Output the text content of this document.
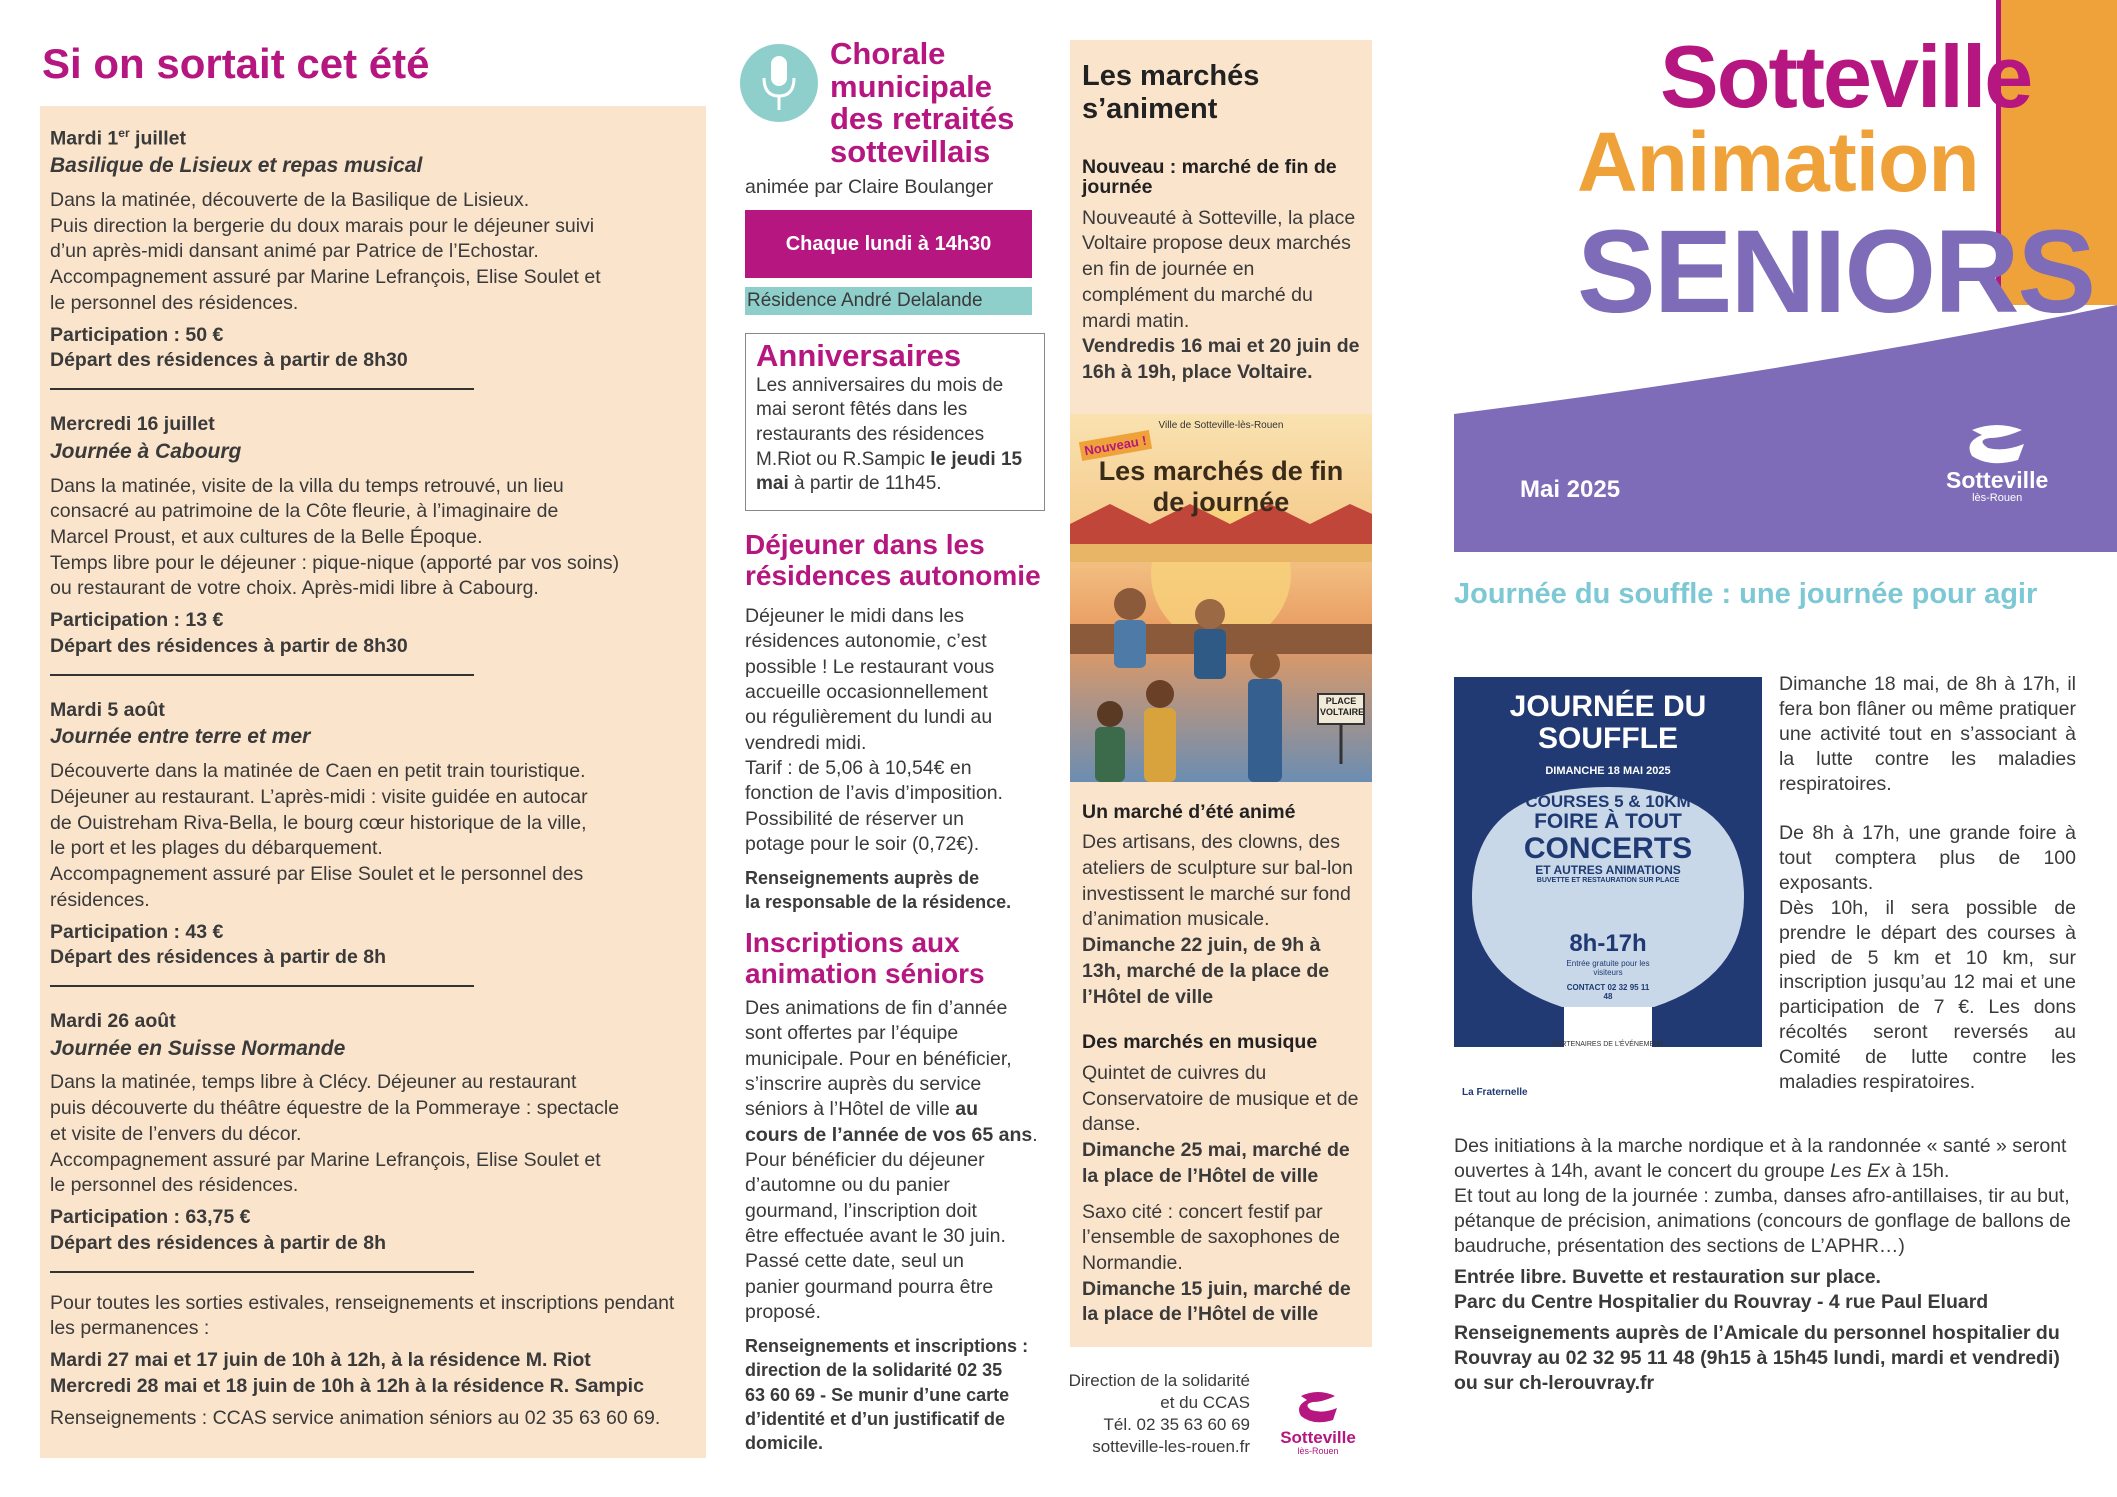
Si on sortait cet été
Mardi 1er juillet
Basilique de Lisieux et repas musical
Dans la matinée, découverte de la Basilique de Lisieux.
Puis direction la bergerie du doux marais pour le déjeuner suivi
d’un après-midi dansant animé par Patrice de l’Echostar.
Accompagnement assuré par Marine Lefrançois, Elise Soulet et
le personnel des résidences.
Participation : 50 €
Départ des résidences à partir de 8h30
Mercredi 16 juillet
Journée à Cabourg
Dans la matinée, visite de la villa du temps retrouvé, un lieu
consacré au patrimoine de la Côte fleurie, à l’imaginaire de
Marcel Proust, et aux cultures de la Belle Époque.
Temps libre pour le déjeuner : pique-nique (apporté par vos soins)
ou restaurant de votre choix. Après-midi libre à Cabourg.
Participation : 13 €
Départ des résidences à partir de 8h30
Mardi 5 août
Journée entre terre et mer
Découverte dans la matinée de Caen en petit train touristique.
Déjeuner au restaurant. L’après-midi : visite guidée en autocar
de Ouistreham Riva-Bella, le bourg cœur historique de la ville,
le port et les plages du débarquement.
Accompagnement assuré par Elise Soulet et le personnel des
résidences.
Participation : 43 €
Départ des résidences à partir de 8h
Mardi 26 août
Journée en Suisse Normande
Dans la matinée, temps libre à Clécy. Déjeuner au restaurant
puis découverte du théâtre équestre de la Pommeraye : spectacle
et visite de l’envers du décor.
Accompagnement assuré par Marine Lefrançois, Elise Soulet et
le personnel des résidences.
Participation : 63,75 €
Départ des résidences à partir de 8h
Pour toutes les sorties estivales, renseignements et inscriptions pendant les permanences :
Mardi 27 mai et 17 juin de 10h à 12h, à la résidence M. Riot
Mercredi 28 mai et 18 juin de 10h à 12h à la résidence R. Sampic
Renseignements : CCAS service animation séniors au 02 35 63 60 69.
Chorale
municipale
des retraités
sottevillais
animée par Claire Boulanger
Chaque lundi à 14h30
Résidence André Delalande
Anniversaires

Les anniversaires du mois de mai seront fêtés dans les restaurants des résidences M.Riot ou R.Sampic le jeudi 15 mai à partir de 11h45.

Déjeuner dans les
résidences autonomie
Déjeuner le midi dans les
résidences autonomie, c’est
possible ! Le restaurant vous
accueille occasionnellement
ou régulièrement du lundi au
vendredi midi.
Tarif : de 5,06 à 10,54€ en
fonction de l’avis d’imposition.
Possibilité de réserver un
potage pour le soir (0,72€).
Renseignements auprès de
la responsable de la résidence.
Inscriptions aux
animation séniors
Des animations de fin d’année
sont offertes par l’équipe
municipale. Pour en bénéficier,
s’inscrire auprès du service
séniors à l’Hôtel de ville au
cours de l’année de vos 65 ans.
Pour bénéficier du déjeuner
d’automne ou du panier
gourmand, l’inscription doit
être effectuée avant le 30 juin.
Passé cette date, seul un
panier gourmand pourra être
proposé.
Renseignements et inscriptions :
direction de la solidarité 02 35
63 60 69 - Se munir d’une carte
d’identité et d’un justificatif de
domicile.
Les marchés
s’animent
Nouveau : marché de fin de journée
Nouveauté à Sotteville, la place Voltaire propose deux marchés en fin de journée en complément du marché du mardi matin.
Vendredis 16 mai et 20 juin de 16h à 19h, place Voltaire.
Un marché d’été animé
Des artisans, des clowns, des ateliers de sculpture sur bal-lon investissent le marché sur fond d’animation musicale.
Dimanche 22 juin, de 9h à 13h, marché de la place de l’Hôtel de ville
Des marchés en musique
Quintet de cuivres du Conservatoire de musique et de danse.
Dimanche 25 mai, marché de la place de l’Hôtel de ville
Saxo cité : concert festif par l’ensemble de saxophones de Normandie.
Dimanche 15 juin, marché de la place de l’Hôtel de ville
Ville de Sotteville-lès-Rouen
Nouveau !
Les marchés de fin de journée
PLACE VOLTAIRE
Direction de la solidarité
et du CCAS
Tél. 02 35 63 60 69
sotteville-les-rouen.fr	Sotteville
lès-Rouen
Sotteville
Animation
SENIORS
Mai 2025	Sotteville
lès-Rouen
Journée du souffle : une journée pour agir
JOURNÉE DU SOUFFLE
DIMANCHE 18 MAI 2025
COURSES 5 & 10KM
FOIRE À TOUT
CONCERTS
ET AUTRES ANIMATIONS
BUVETTE ET RESTAURATION SUR PLACE
8h-17h
Entrée gratuite pour les visiteurs
CONTACT 02 32 95 11 48
PARTENAIRES DE L’ÉVÉNEMENT
La Fraternelle

Dimanche 18 mai, de 8h à 17h, il fera bon flâner ou même pratiquer une activité tout en s’associant à la lutte contre les maladies respiratoires.

De 8h à 17h, une grande foire à tout comptera plus de 100 exposants.

Dès 10h, il sera possible de prendre le départ des courses à pied de 5 km et 10 km, sur inscription jusqu’au 12 mai et une participation de 7 €. Les dons récoltés seront reversés au Comité de lutte contre les maladies respiratoires.

Des initiations à la marche nordique et à la randonnée « santé » seront ouvertes à 14h, avant le concert du groupe Les Ex à 15h.

Et tout au long de la journée : zumba, danses afro-antillaises, tir au but, pétanque de précision, animations (concours de gonflage de ballons de baudruche, présentation des sections de L’APHR…)

Entrée libre. Buvette et restauration sur place.

Parc du Centre Hospitalier du Rouvray - 4 rue Paul Eluard

Renseignements auprès de l’Amicale du personnel hospitalier du Rouvray au 02 32 95 11 48 (9h15 à 15h45 lundi, mardi et vendredi) ou sur ch-lerouvray.fr
